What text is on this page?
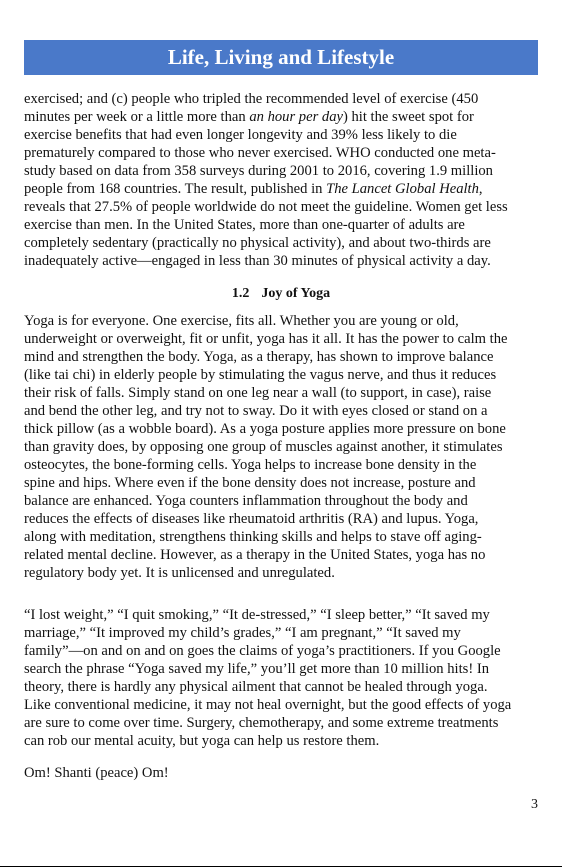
Life, Living and Lifestyle
exercised; and (c) people who tripled the recommended level of exercise (450
minutes per week or a little more than an hour per day) hit the sweet spot for
exercise benefits that had even longer longevity and 39% less likely to die
prematurely compared to those who never exercised. WHO conducted one meta-
study based on data from 358 surveys during 2001 to 2016, covering 1.9 million
people from 168 countries. The result, published in The Lancet Global Health,
reveals that 27.5% of people worldwide do not meet the guideline. Women get less
exercise than men. In the United States, more than one-quarter of adults are
completely sedentary (practically no physical activity), and about two-thirds are
inadequately active—engaged in less than 30 minutes of physical activity a day.
1.2 Joy of Yoga
Yoga is for everyone. One exercise, fits all. Whether you are young or old,
underweight or overweight, fit or unfit, yoga has it all. It has the power to calm the
mind and strengthen the body. Yoga, as a therapy, has shown to improve balance
(like tai chi) in elderly people by stimulating the vagus nerve, and thus it reduces
their risk of falls. Simply stand on one leg near a wall (to support, in case), raise
and bend the other leg, and try not to sway. Do it with eyes closed or stand on a
thick pillow (as a wobble board). As a yoga posture applies more pressure on bone
than gravity does, by opposing one group of muscles against another, it stimulates
osteocytes, the bone-forming cells. Yoga helps to increase bone density in the
spine and hips. Where even if the bone density does not increase, posture and
balance are enhanced. Yoga counters inflammation throughout the body and
reduces the effects of diseases like rheumatoid arthritis (RA) and lupus. Yoga,
along with meditation, strengthens thinking skills and helps to stave off aging-
related mental decline. However, as a therapy in the United States, yoga has no
regulatory body yet. It is unlicensed and unregulated.
“I lost weight,” “I quit smoking,” “It de-stressed,” “I sleep better,” “It saved my
marriage,” “It improved my child’s grades,” “I am pregnant,” “It saved my
family”—on and on and on goes the claims of yoga’s practitioners. If you Google
search the phrase “Yoga saved my life,” you’ll get more than 10 million hits! In
theory, there is hardly any physical ailment that cannot be healed through yoga.
Like conventional medicine, it may not heal overnight, but the good effects of yoga
are sure to come over time. Surgery, chemotherapy, and some extreme treatments
can rob our mental acuity, but yoga can help us restore them.
Om! Shanti (peace) Om!
3
